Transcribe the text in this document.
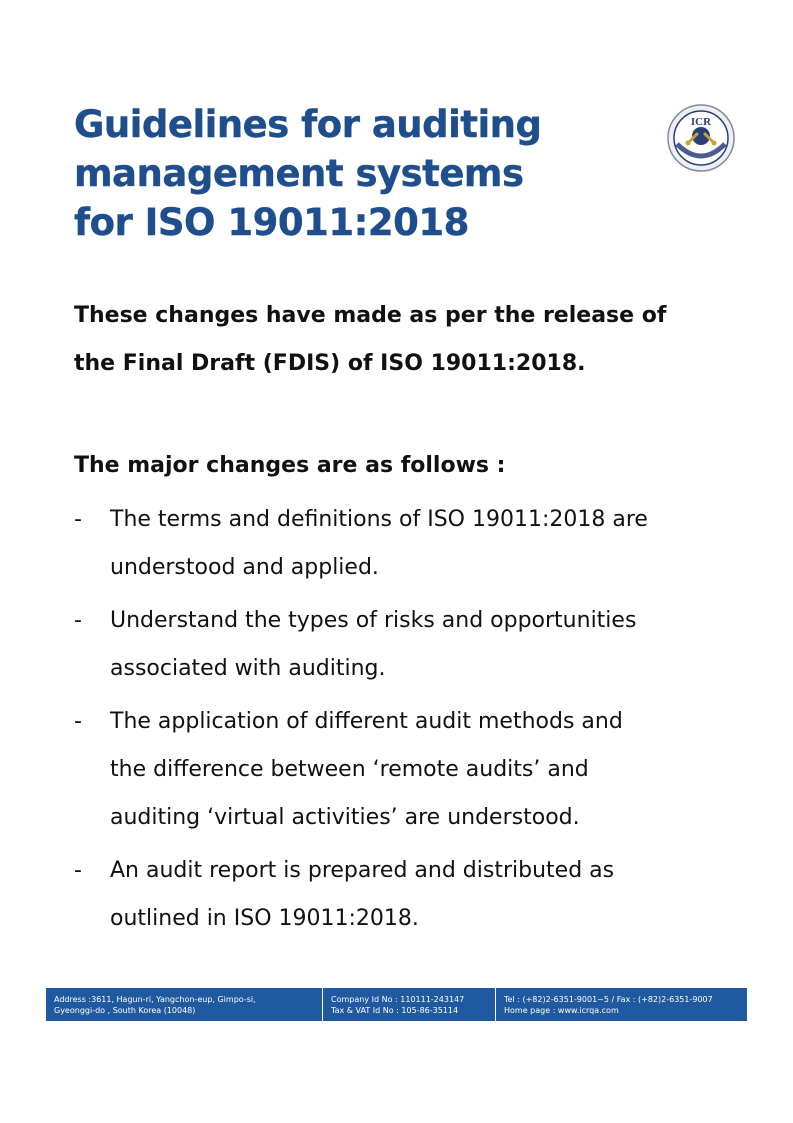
Guidelines for auditing
management systems
for ISO 19011:2018
ICR
These changes have made as per the release of
the Final Draft (FDIS) of ISO 19011:2018.
The major changes are as follows :
- The terms and definitions of ISO 19011:2018 are
understood and applied.
- Understand the types of risks and opportunities
associated with auditing.
- The application of different audit methods and
the difference between ‘remote audits’ and
auditing ‘virtual activities’ are understood.
- An audit report is prepared and distributed as
outlined in ISO 19011:2018.
Address :3611, Hagun-ri, Yangchon-eup, Gimpo-si,
Gyeonggi-do , South Korea (10048)
Company Id No : 110111-243147
Tax & VAT Id No : 105-86-35114
Tel : (+82)2-6351-9001~5 / Fax : (+82)2-6351-9007
Home page : www.icrqa.com
